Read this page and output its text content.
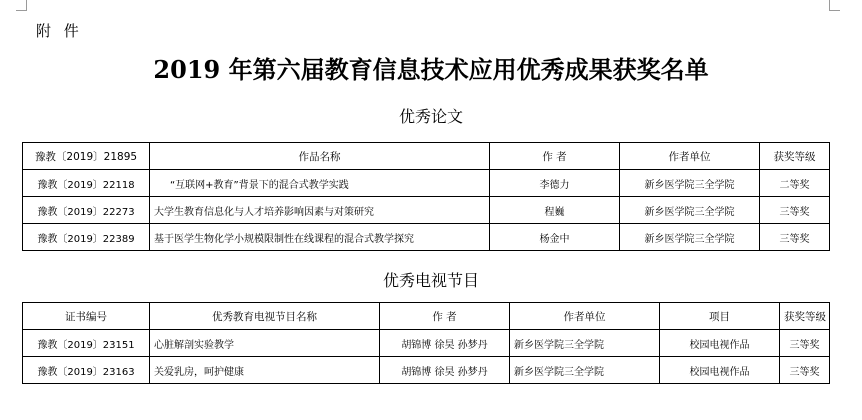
附 件
2019 年第六届教育信息技术应用优秀成果获奖名单
优秀论文
豫教〔2019〕21895	作品名称	作 者	作者单位	获奖等级
豫教〔2019〕22118	“互联网+教育”背景下的混合式教学实践	李德力	新乡医学院三全学院	二等奖
豫教〔2019〕22273	大学生教育信息化与人才培养影响因素与对策研究	程巍	新乡医学院三全学院	三等奖
豫教〔2019〕22389	基于医学生物化学小规模限制性在线课程的混合式教学探究	杨金中	新乡医学院三全学院	三等奖
优秀电视节目
证书编号	优秀教育电视节目名称	作 者	作者单位	项目	获奖等级
豫教〔2019〕23151	心脏解剖实验教学	胡锦博 徐昊 孙梦丹	新乡医学院三全学院	校园电视作品	三等奖
豫教〔2019〕23163	关爱乳房，呵护健康	胡锦博 徐昊 孙梦丹	新乡医学院三全学院	校园电视作品	三等奖
